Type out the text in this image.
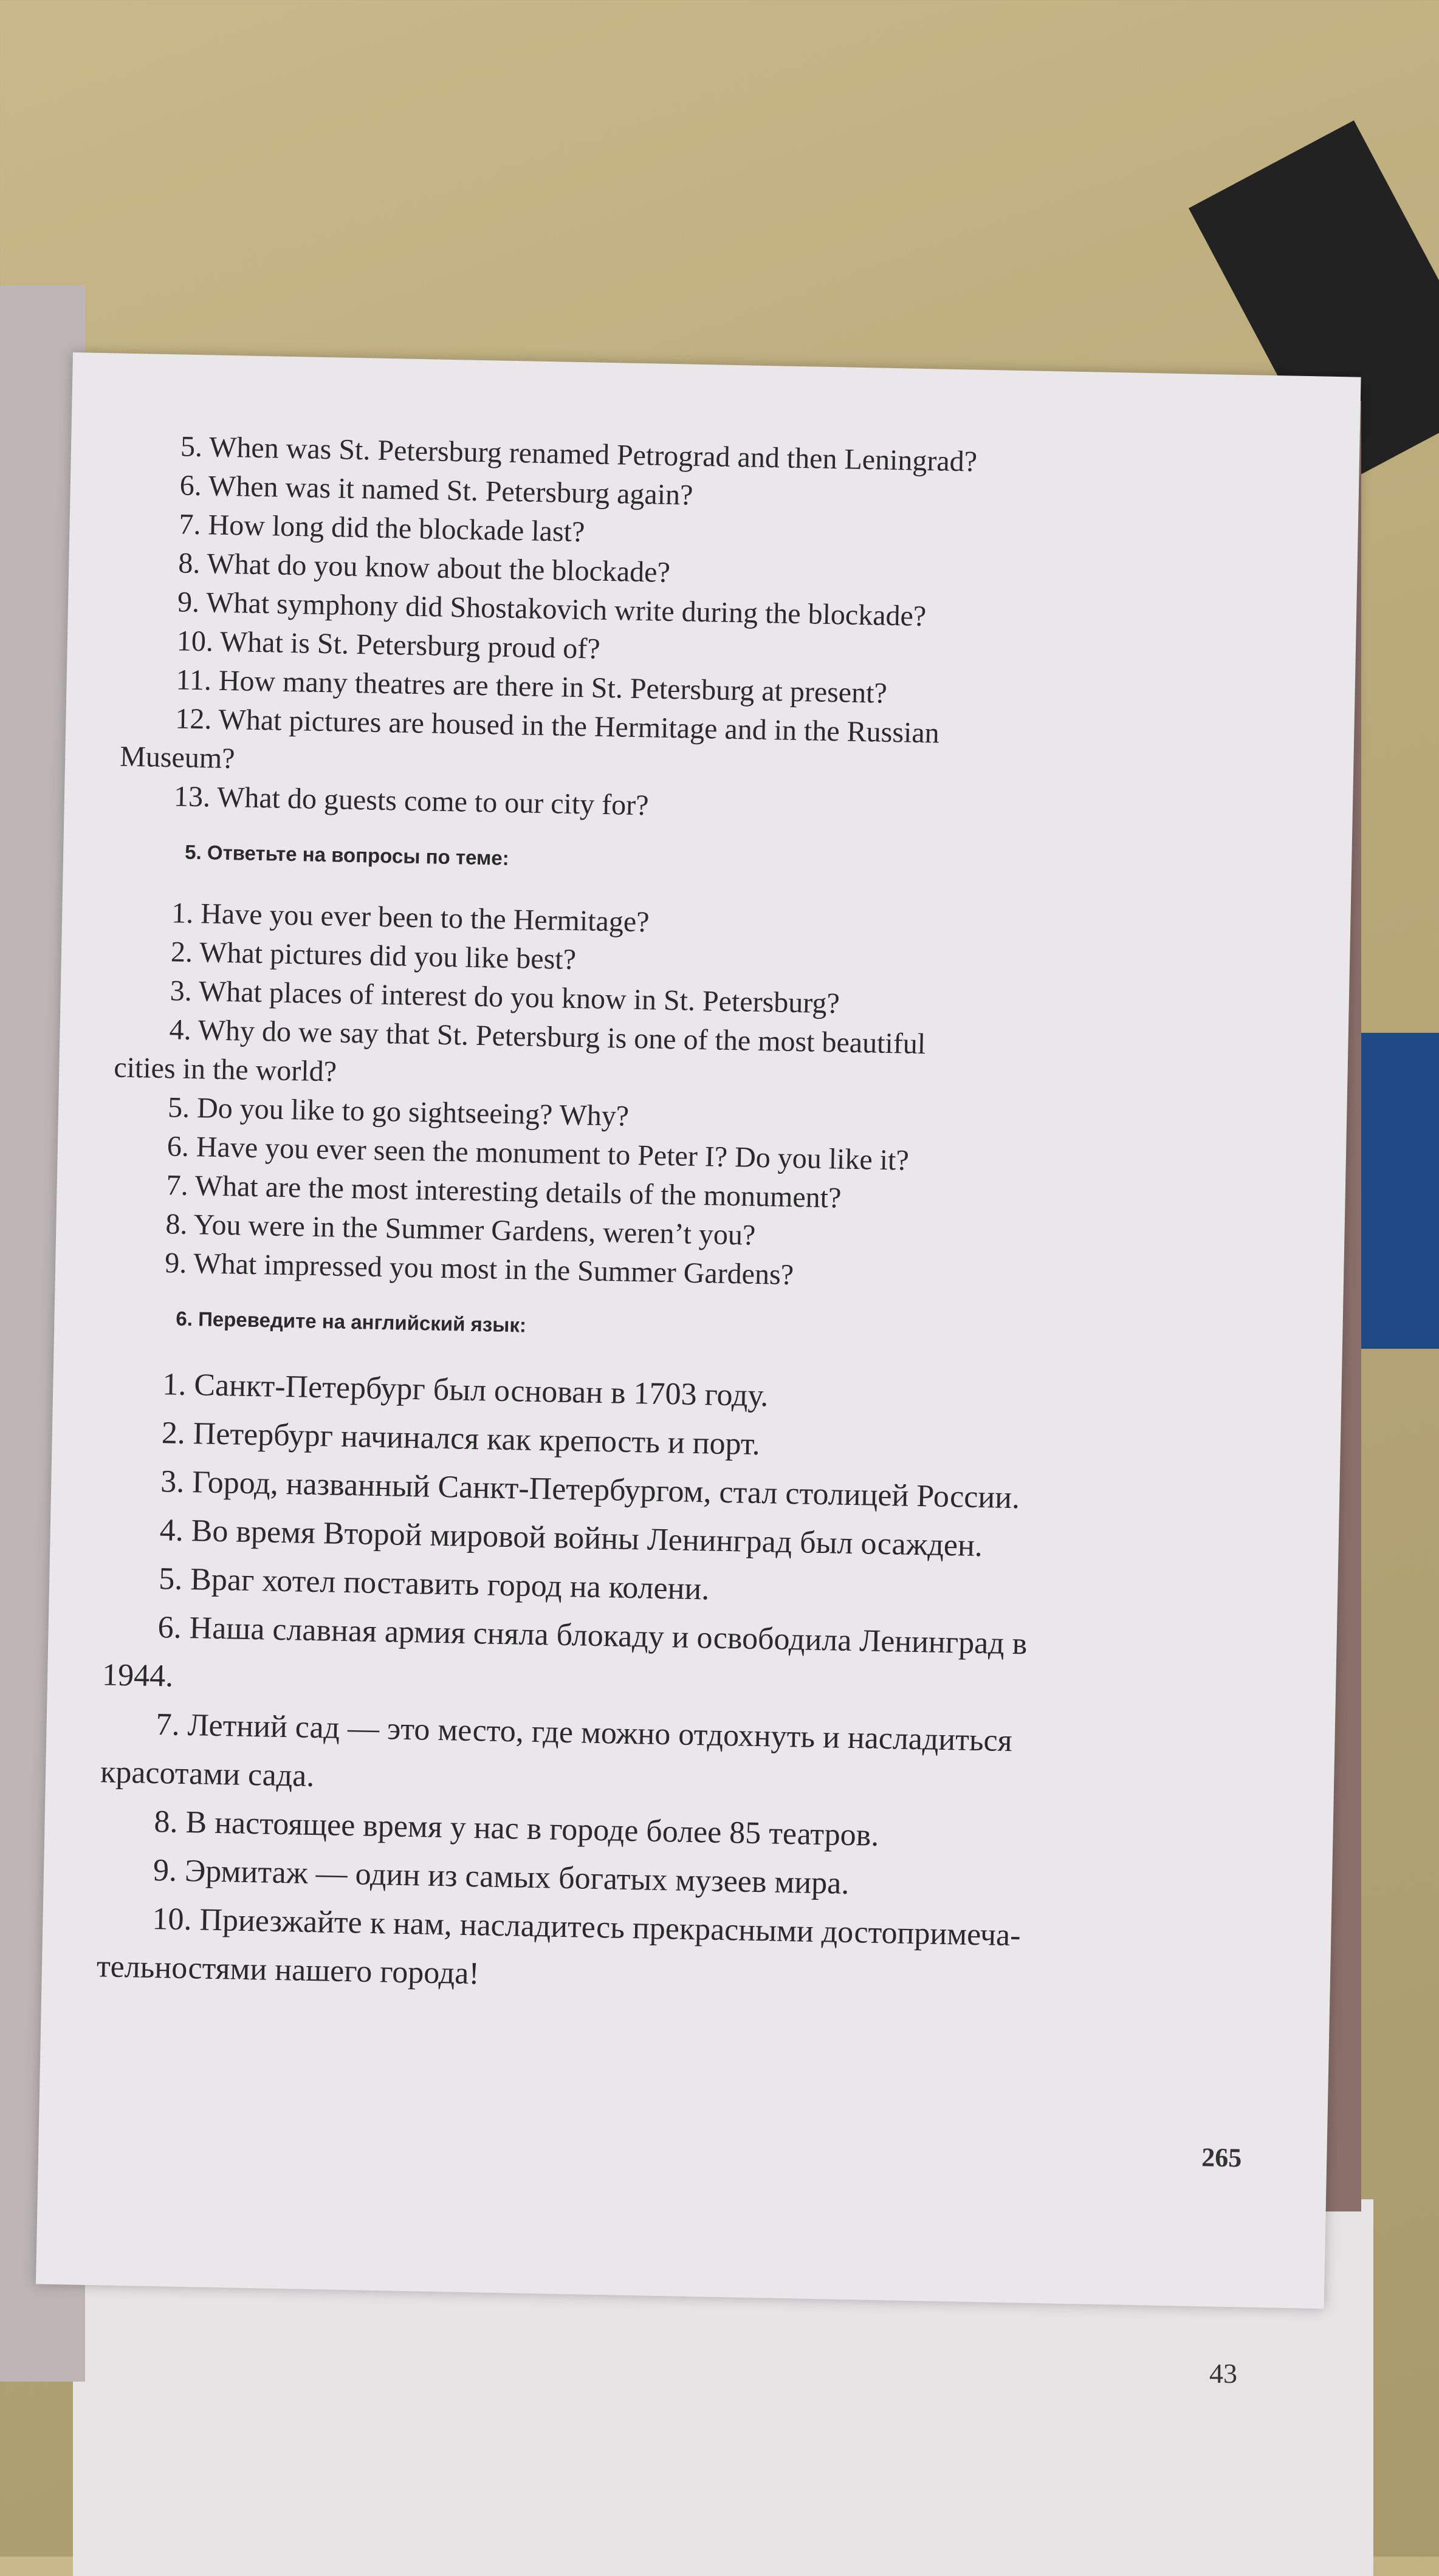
43
5. When was St. Petersburg renamed Petrograd and then Leningrad?
6. When was it named St. Petersburg again?
7. How long did the blockade last?
8. What do you know about the blockade?
9. What symphony did Shostakovich write during the blockade?
10. What is St. Petersburg proud of?
11. How many theatres are there in St. Petersburg at present?
12. What pictures are housed in the Hermitage and in the Russian
Museum?
13. What do guests come to our city for?
5. Ответьте на вопросы по теме:
1. Have you ever been to the Hermitage?
2. What pictures did you like best?
3. What places of interest do you know in St. Petersburg?
4. Why do we say that St. Petersburg is one of the most beautiful
cities in the world?
5. Do you like to go sightseeing? Why?
6. Have you ever seen the monument to Peter I? Do you like it?
7. What are the most interesting details of the monument?
8. You were in the Summer Gardens, weren’t you?
9. What impressed you most in the Summer Gardens?
6. Переведите на английский язык:
1. Санкт-Петербург был основан в 1703 году.
2. Петербург начинался как крепость и порт.
3. Город, названный Санкт-Петербургом, стал столицей России.
4. Во время Второй мировой войны Ленинград был осажден.
5. Враг хотел поставить город на колени.
6. Наша славная армия сняла блокаду и освободила Ленинград в
1944.
7. Летний сад — это место, где можно отдохнуть и насладиться
красотами сада.
8. В настоящее время у нас в городе более 85 театров.
9. Эрмитаж — один из самых богатых музеев мира.
10. Приезжайте к нам, насладитесь прекрасными достопримеча-
тельностями нашего города!
265
